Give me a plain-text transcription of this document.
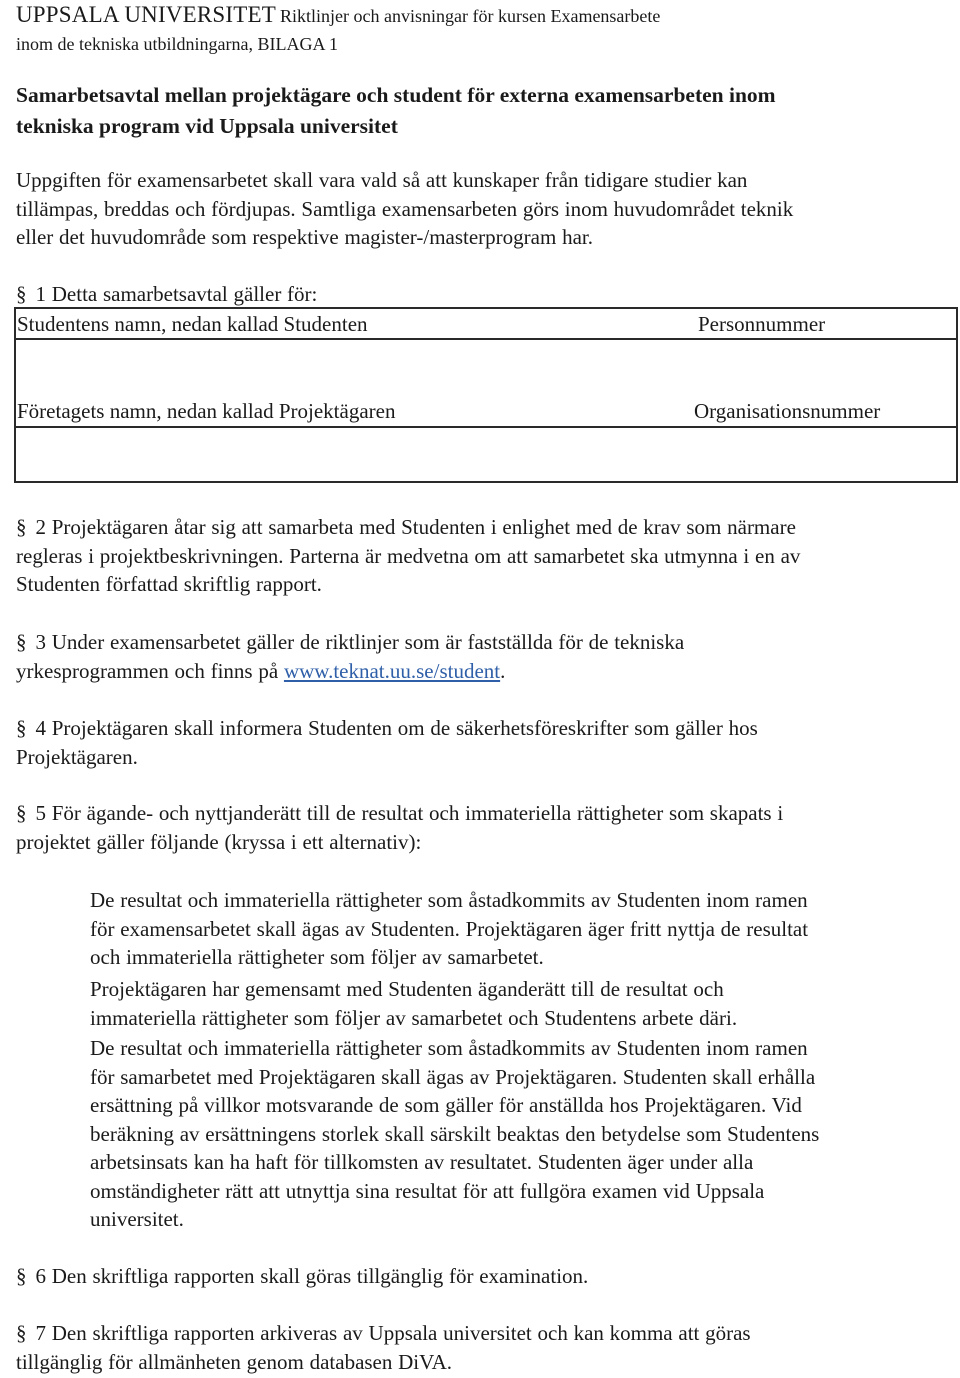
UPPSALA UNIVERSITET Riktlinjer och anvisningar för kursen Examensarbete
inom de tekniska utbildningarna, BILAGA 1
Samarbetsavtal mellan projektägare och student för externa examensarbeten inom
tekniska program vid Uppsala universitet
Uppgiften för examensarbetet skall vara vald så att kunskaper från tidigare studier kan
tillämpas, breddas och fördjupas. Samtliga examensarbeten görs inom huvudområdet teknik
eller det huvudområde som respektive magister-/masterprogram har.
§ 1 Detta samarbetsavtal gäller för:
Studentens namn, nedan kallad Studenten	Personnummer
Företagets namn, nedan kallad Projektägaren	Organisationsnummer
§ 2 Projektägaren åtar sig att samarbeta med Studenten i enlighet med de krav som närmare
regleras i projektbeskrivningen. Parterna är medvetna om att samarbetet ska utmynna i en av
Studenten författad skriftlig rapport.
§ 3 Under examensarbetet gäller de riktlinjer som är fastställda för de tekniska
yrkesprogrammen och finns på www.teknat.uu.se/student.
§ 4 Projektägaren skall informera Studenten om de säkerhetsföreskrifter som gäller hos
Projektägaren.
§ 5 För ägande- och nyttjanderätt till de resultat och immateriella rättigheter som skapats i
projektet gäller följande (kryssa i ett alternativ):
De resultat och immateriella rättigheter som åstadkommits av Studenten inom ramen
för examensarbetet skall ägas av Studenten. Projektägaren äger fritt nyttja de resultat
och immateriella rättigheter som följer av samarbetet.
Projektägaren har gemensamt med Studenten äganderätt till de resultat och
immateriella rättigheter som följer av samarbetet och Studentens arbete däri.
De resultat och immateriella rättigheter som åstadkommits av Studenten inom ramen
för samarbetet med Projektägaren skall ägas av Projektägaren. Studenten skall erhålla
ersättning på villkor motsvarande de som gäller för anställda hos Projektägaren. Vid
beräkning av ersättningens storlek skall särskilt beaktas den betydelse som Studentens
arbetsinsats kan ha haft för tillkomsten av resultatet. Studenten äger under alla
omständigheter rätt att utnyttja sina resultat för att fullgöra examen vid Uppsala
universitet.
§ 6 Den skriftliga rapporten skall göras tillgänglig för examination.
§ 7 Den skriftliga rapporten arkiveras av Uppsala universitet och kan komma att göras
tillgänglig för allmänheten genom databasen DiVA.
